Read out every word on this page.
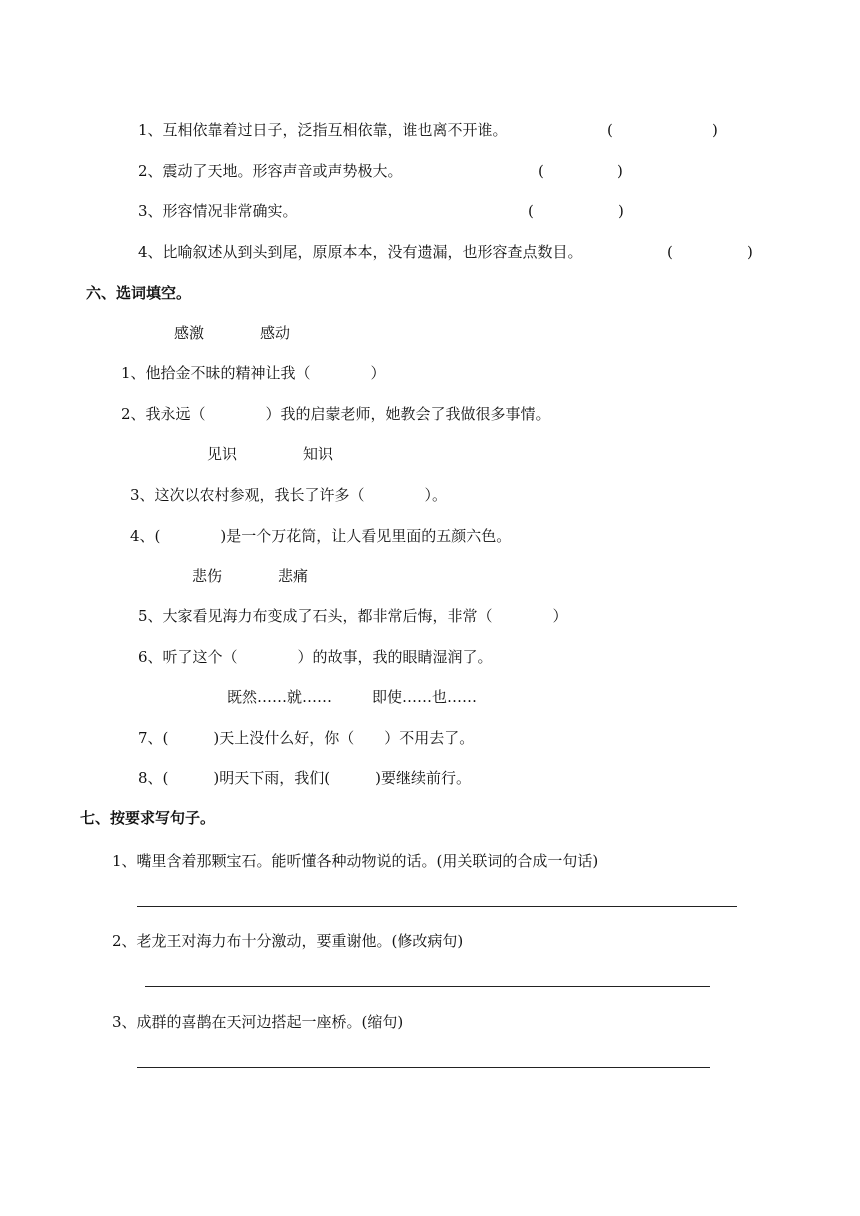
1、互相依靠着过日子，泛指互相依靠，谁也离不开谁。	(	)
2、震动了天地。形容声音或声势极大。	(	)
3、形容情况非常确实。	(	)
4、比喻叙述从到头到尾，原原本本，没有遗漏，也形容查点数目。	(	)
六、选词填空。
感激	感动
1、他拾金不昧的精神让我（　　　　）
2、我永远（　　　　）我的启蒙老师，她教会了我做很多事情。
见识	知识
3、这次以农村参观，我长了许多（　　　　）。
4、(　　　　)是一个万花筒，让人看见里面的五颜六色。
悲伤	悲痛
5、大家看见海力布变成了石头，都非常后悔，非常（　　　　）
6、听了这个（　　　　）的故事，我的眼睛湿润了。
既然……就……	即使……也……
7、(　　　)天上没什么好，你（　　）不用去了。
8、(　　　)明天下雨，我们(　　　)要继续前行。
七、按要求写句子。
1、嘴里含着那颗宝石。能听懂各种动物说的话。(用关联词的合成一句话)
2、老龙王对海力布十分激动，要重谢他。(修改病句)
3、成群的喜鹊在天河边搭起一座桥。(缩句)
